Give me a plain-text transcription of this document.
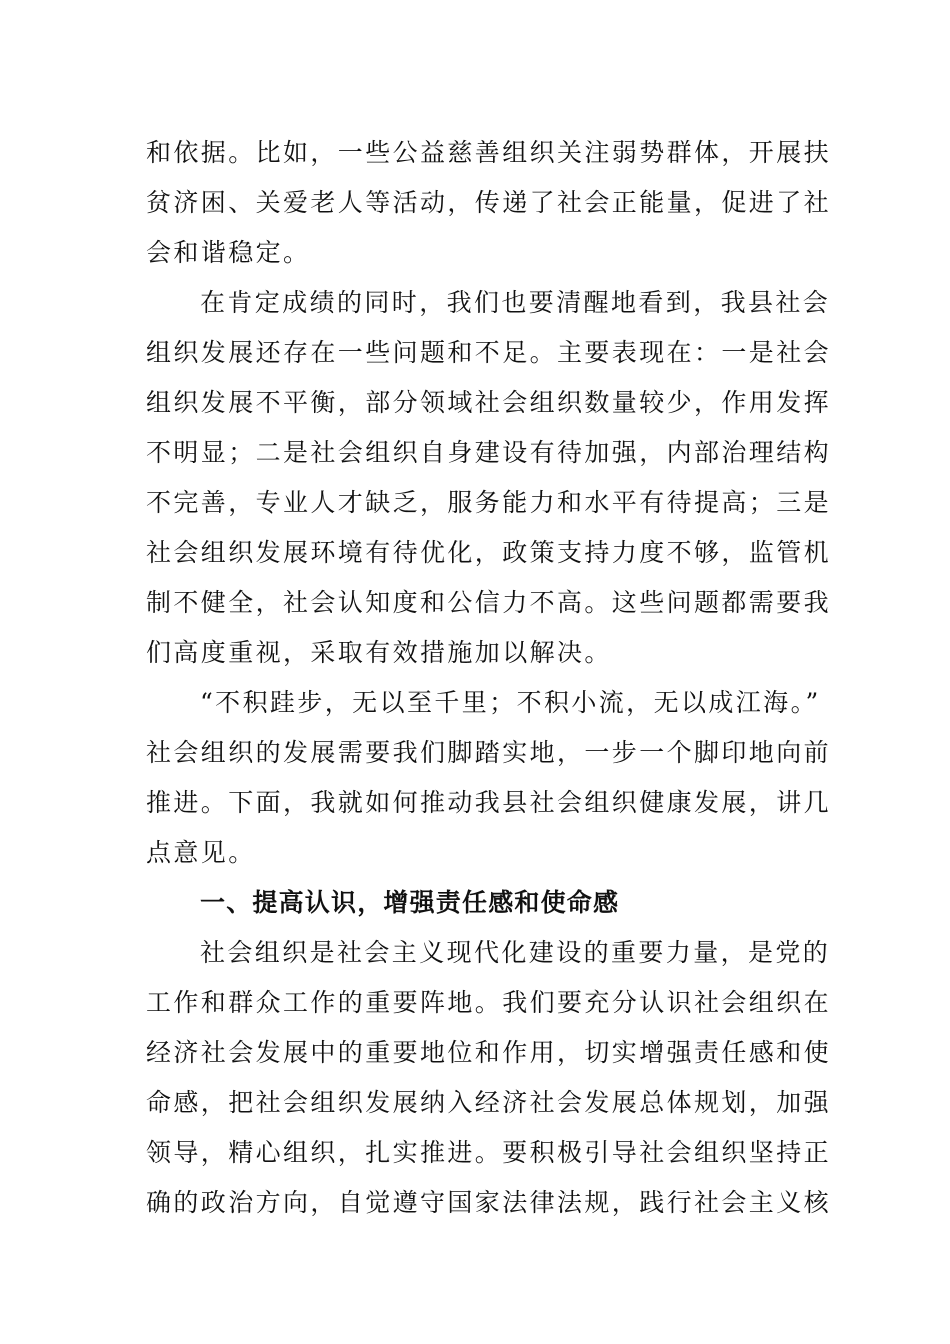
和依据。比如，一些公益慈善组织关注弱势群体，开展扶
贫济困、关爱老人等活动，传递了社会正能量，促进了社
会和谐稳定。
在肯定成绩的同时，我们也要清醒地看到，我县社会
组织发展还存在一些问题和不足。主要表现在：一是社会
组织发展不平衡，部分领域社会组织数量较少，作用发挥
不明显；二是社会组织自身建设有待加强，内部治理结构
不完善，专业人才缺乏，服务能力和水平有待提高；三是
社会组织发展环境有待优化，政策支持力度不够，监管机
制不健全，社会认知度和公信力不高。这些问题都需要我
们高度重视，采取有效措施加以解决。
“不积跬步，无以至千里；不积小流，无以成江海。”
社会组织的发展需要我们脚踏实地，一步一个脚印地向前
推进。下面，我就如何推动我县社会组织健康发展，讲几
点意见。
一、提高认识，增强责任感和使命感
社会组织是社会主义现代化建设的重要力量，是党的
工作和群众工作的重要阵地。我们要充分认识社会组织在
经济社会发展中的重要地位和作用，切实增强责任感和使
命感，把社会组织发展纳入经济社会发展总体规划，加强
领导，精心组织，扎实推进。要积极引导社会组织坚持正
确的政治方向，自觉遵守国家法律法规，践行社会主义核
